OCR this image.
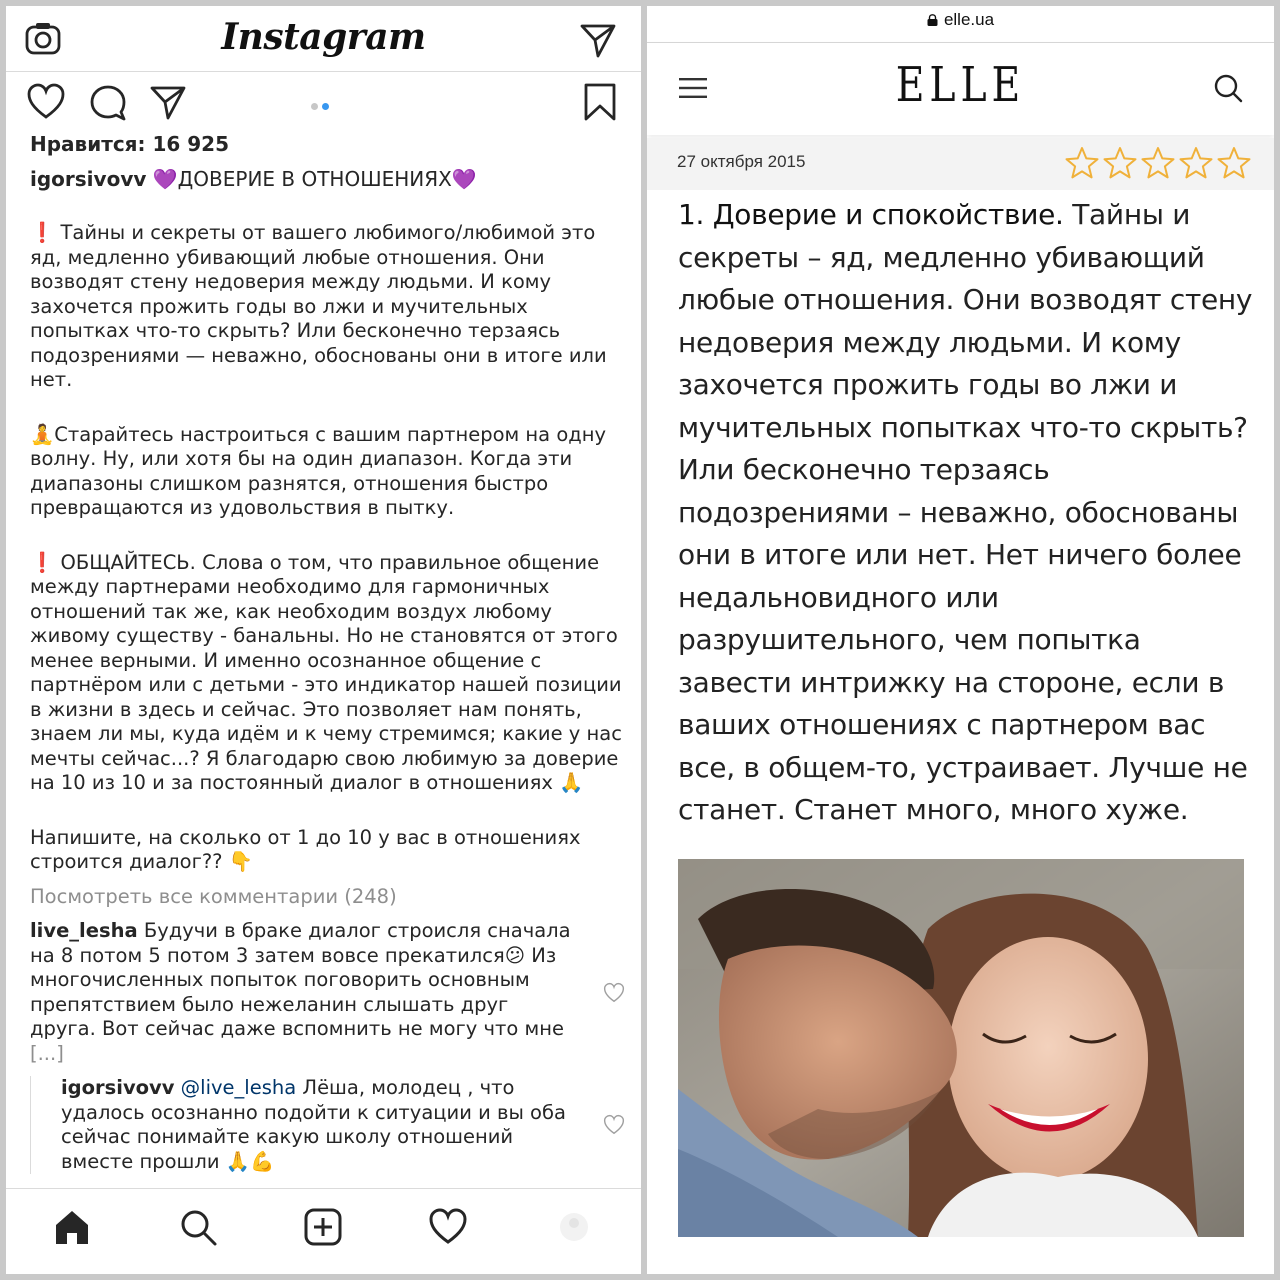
Instagram
Нравится: 16 925
igorsivovv 💜ДОВЕРИЕ В ОТНОШЕНИЯХ💜

❗ Тайны и секреты от вашего любимого/любимой это яд, медленно убивающий любые отношения. Они возводят стену недоверия между людьми. И кому захочется прожить годы во лжи и мучительных попытках что-то скрыть? Или бесконечно терзаясь подозрениями — неважно, обоснованы они в итоге или нет.

🧘Старайтесь настроиться с вашим партнером на одну волну. Ну, или хотя бы на один диапазон. Когда эти диапазоны слишком разнятся, отношения быстро превращаются из удовольствия в пытку.

❗ ОБЩАЙТЕСЬ. Слова о том, что правильное общение между партнерами необходимо для гармоничных отношений так же, как необходим воздух любому живому существу - банальны. Но не становятся от этого менее верными. И именно осознанное общение с партнёром или с детьми - это индикатор нашей позиции в жизни в здесь и сейчас. Это позволяет нам понять, знаем ли мы, куда идём и к чему стремимся; какие у нас мечты сейчас...? Я благодарю свою любимую за доверие на 10 из 10 и за постоянный диалог в отношениях 🙏

Напишите, на сколько от 1 до 10 у вас в отношениях строится диалог?? 👇

Посмотреть все комментарии (248)
live_lesha Будучи в браке диалог строисля сначала на 8 потом 5 потом 3 затем вовсе прекатился😕 Из многочисленных попыток поговорить основным препятствием было нежеланин слышать друг друга. Вот сейчас даже вспомнить не могу что мне [...]
igorsivovv @live_lesha Лёша, молодец , что удалось осознанно подойти к ситуации и вы оба сейчас понимайте какую школу отношений вместе прошли 🙏💪
elle.ua
ELLE
27 октября 2015
1. Доверие и спокойствие. Тайны и секреты – яд, медленно убивающий любые отношения. Они возводят стену недоверия между людьми. И кому захочется прожить годы во лжи и мучительных попытках что-то скрыть? Или бесконечно терзаясь подозрениями – неважно, обоснованы они в итоге или нет. Нет ничего более недальновидного или разрушительного, чем попытка завести интрижку на стороне, если в ваших отношениях с партнером вас все, в общем-то, устраивает. Лучше не станет. Станет много, много хуже.
